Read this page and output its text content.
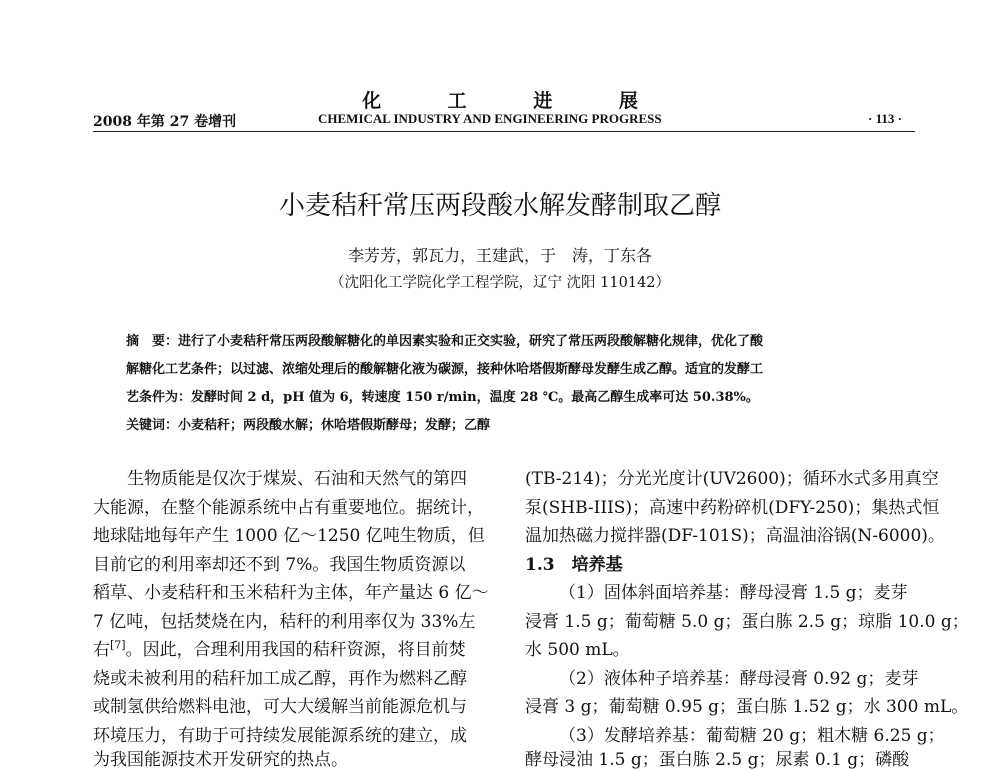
化 工 进 展
2008 年第 27 卷增刊	CHEMICAL INDUSTRY AND ENGINEERING PROGRESS	· 113 ·
小麦秸秆常压两段酸水解发酵制取乙醇
李芳芳，郭瓦力，王建武，于　涛，丁东各
（沈阳化工学院化学工程学院，辽宁 沈阳 110142）
摘　要：进行了小麦秸秆常压两段酸解糖化的单因素实验和正交实验，研究了常压两段酸解糖化规律，优化了酸
解糖化工艺条件；以过滤、浓缩处理后的酸解糖化液为碳源，接种休哈塔假斯酵母发酵生成乙醇。适宜的发酵工
艺条件为：发酵时间 2 d，pH 值为 6，转速度 150 r/min，温度 28 ℃。最高乙醇生成率可达 50.38%。
关键词：小麦秸秆；两段酸水解；休哈塔假斯酵母；发酵；乙醇
生物质能是仅次于煤炭、石油和天然气的第四
大能源，在整个能源系统中占有重要地位。据统计，
地球陆地每年产生 1000 亿～1250 亿吨生物质，但
目前它的利用率却还不到 7%。我国生物质资源以
稻草、小麦秸秆和玉米秸秆为主体，年产量达 6 亿～
7 亿吨，包括焚烧在内，秸秆的利用率仅为 33%左
右[7]。因此，合理利用我国的秸秆资源，将目前焚
烧或未被利用的秸秆加工成乙醇，再作为燃料乙醇
或制氢供给燃料电池，可大大缓解当前能源危机与
环境压力，有助于可持续发展能源系统的建立，成
为我国能源技术开发研究的热点。
(TB-214)；分光光度计(UV2600)；循环水式多用真空
泵(SHB-IIIS)；高速中药粉碎机(DFY-250)；集热式恒
温加热磁力搅拌器(DF-101S)；高温油浴锅(N-6000)。
1.3　培养基
（1）固体斜面培养基：酵母浸膏 1.5 g；麦芽
浸膏 1.5 g；葡萄糖 5.0 g；蛋白胨 2.5 g；琼脂 10.0 g；
水 500 mL。
（2）液体种子培养基：酵母浸膏 0.92 g；麦芽
浸膏 3 g；葡萄糖 0.95 g；蛋白胨 1.52 g；水 300 mL。
（3）发酵培养基：葡萄糖 20 g；粗木糖 6.25 g；
酵母浸油 1.5 g；蛋白胨 2.5 g；尿素 0.1 g；磷酸
